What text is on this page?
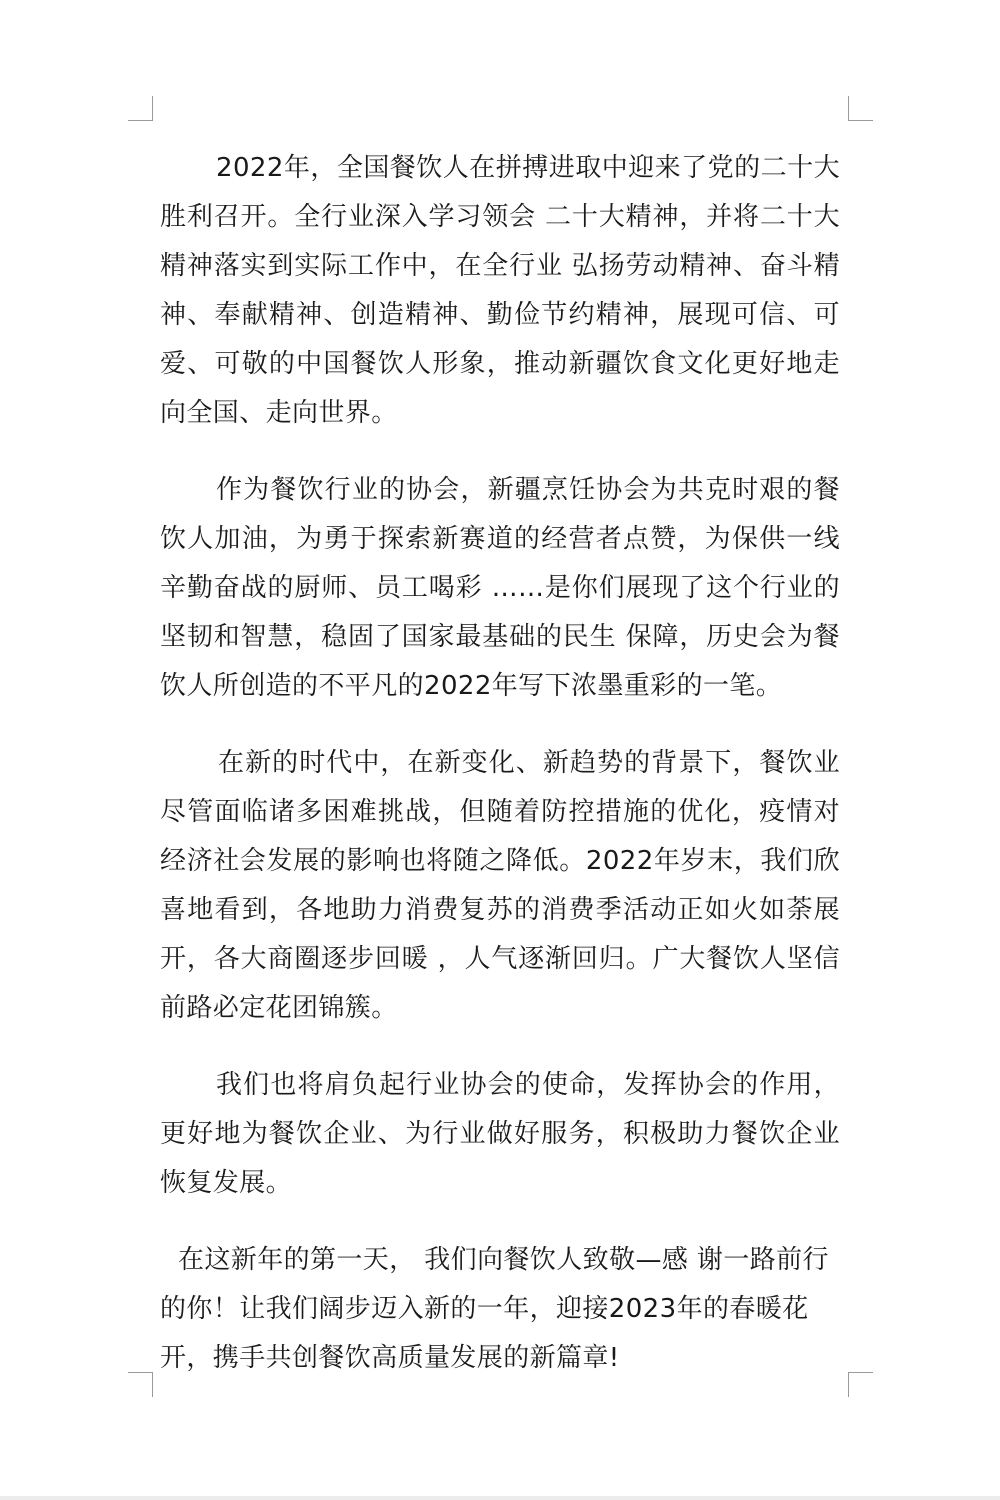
2022年，全国餐饮人在拼搏进取中迎来了党的二十大胜利召开。全行业深入学习领会 二十大精神，并将二十大精神落实到实际工作中，在全行业 弘扬劳动精神、奋斗精神、奉献精神、创造精神、勤俭节约精神，展现可信、可爱、可敬的中国餐饮人形象，推动新疆饮食文化更好地走向全国、走向世界。

作为餐饮行业的协会，新疆烹饪协会为共克时艰的餐饮人加油，为勇于探索新赛道的经营者点赞，为保供一线辛勤奋战的厨师、员工喝彩 ……是你们展现了这个行业的坚韧和智慧，稳固了国家最基础的民生 保障，历史会为餐饮人所创造的不平凡的2022年写下浓墨重彩的一笔。

在新的时代中，在新变化、新趋势的背景下，餐饮业尽管面临诸多困难挑战，但随着防控措施的优化，疫情对经济社会发展的影响也将随之降低。2022年岁末，我们欣喜地看到，各地助力消费复苏的消费季活动正如火如荼展开，各大商圈逐步回暖 ，人气逐渐回归。广大餐饮人坚信前路必定花团锦簇。

我们也将肩负起行业协会的使命，发挥协会的作用，更好地为餐饮企业、为行业做好服务，积极助力餐饮企业恢复发展。

在这新年的第一天， 我们向餐饮人致敬—感 谢一路前行的你！让我们阔步迈入新的一年，迎接2023年的春暖花开，携手共创餐饮高质量发展的新篇章!
